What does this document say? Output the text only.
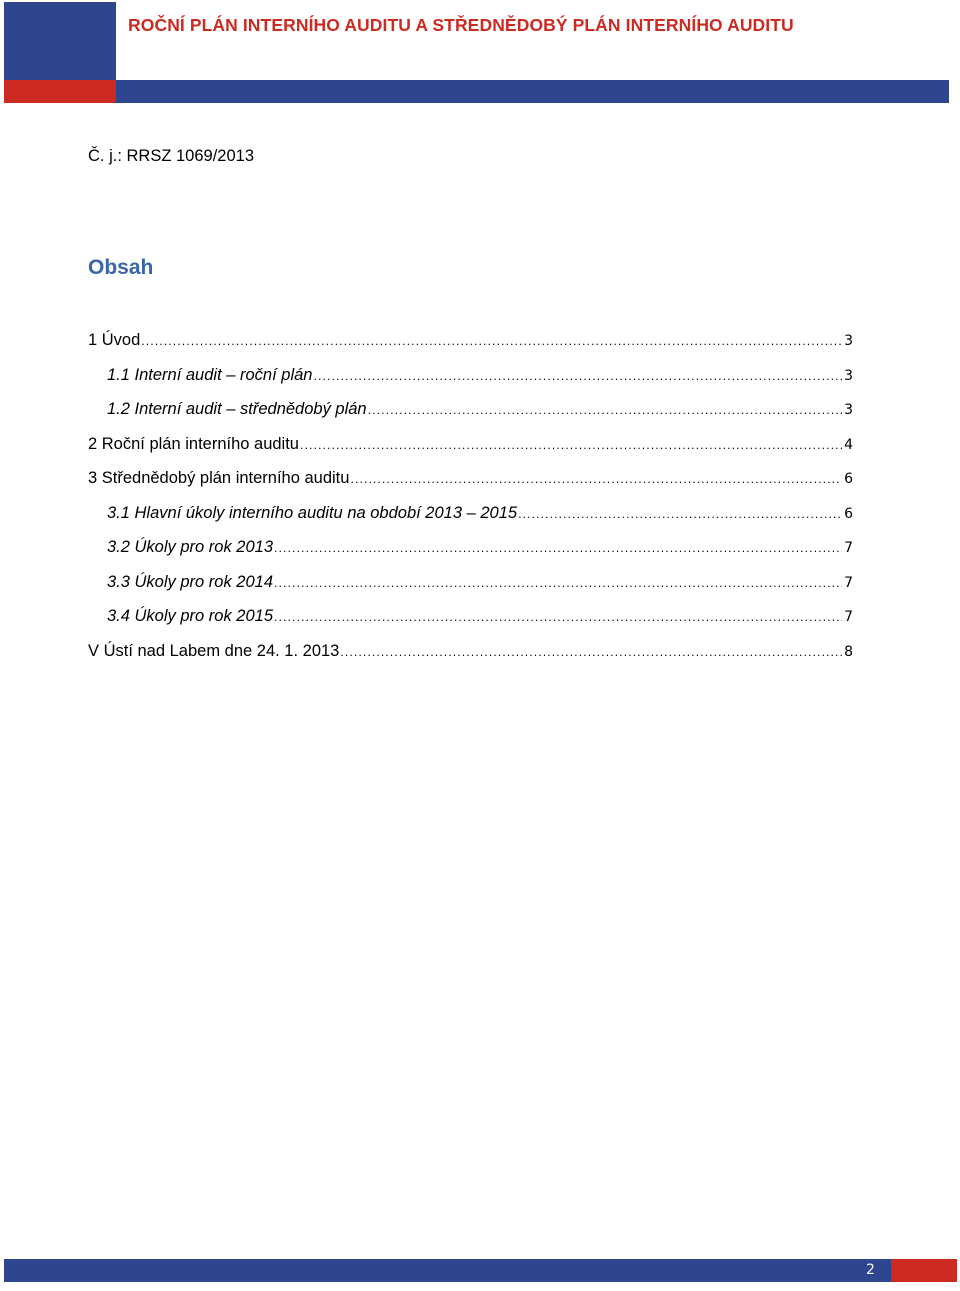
ROČNÍ PLÁN INTERNÍHO AUDITU A STŘEDNĚDOBÝ PLÁN INTERNÍHO AUDITU
Č. j.: RRSZ 1069/2013
Obsah
1 Úvod .....	3
1.1 Interní audit – roční plán .....	3
1.2 Interní audit – střednědobý plán .....	3
2 Roční plán interního auditu .....	4
3 Střednědobý plán interního auditu .....	6
3.1 Hlavní úkoly interního auditu na období 2013 – 2015 .....	6
3.2 Úkoly pro rok 2013 .....	7
3.3 Úkoly pro rok 2014 .....	7
3.4 Úkoly pro rok 2015 .....	7
V Ústí nad Labem dne 24. 1. 2013 .....	8
2
